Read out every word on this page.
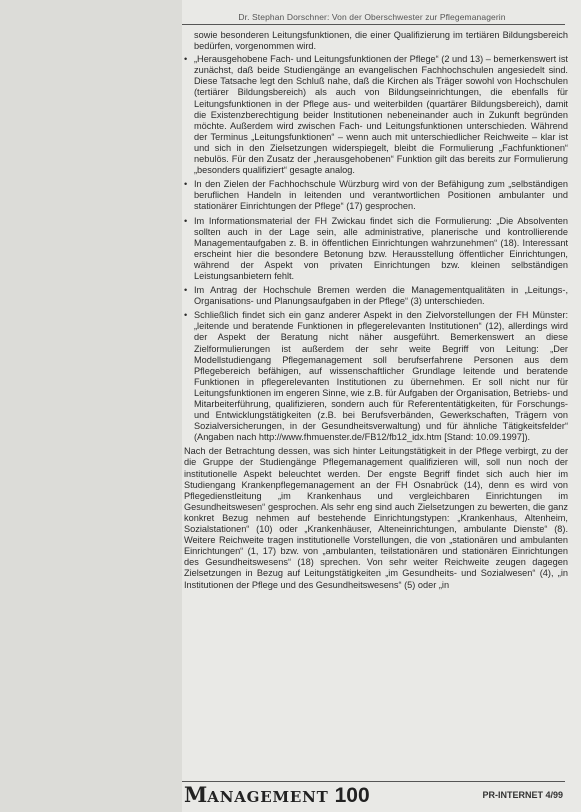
Dr. Stephan Dorschner: Von der Oberschwester zur Pflegemanagerin

sowie besonderen Leitungsfunktionen, die einer Qualifizierung im tertiären Bildungsbereich bedürfen, vorgenommen wird.

• „Herausgehobene Fach- und Leitungsfunktionen der Pflege“ (2 und 13) – bemerkenswert ist zunächst, daß beide Studiengänge an evangelischen Fachhochschulen angesiedelt sind. Diese Tatsache legt den Schluß nahe, daß die Kirchen als Träger sowohl von Hochschulen (tertiärer Bildungsbereich) als auch von Bildungseinrichtungen, die ebenfalls für Leitungsfunktionen in der Pflege aus- und weiterbilden (quartärer Bildungsbereich), damit die Existenzberechtigung beider Institutionen nebeneinander auch in Zukunft begründen möchte. Außerdem wird zwischen Fach- und Leitungsfunktionen unterschieden. Während der Terminus „Leitungsfunktionen“ – wenn auch mit unterschiedlicher Reichweite – klar ist und sich in den Zielsetzungen widerspiegelt, bleibt die Formulierung „Fachfunktionen“ nebulös. Für den Zusatz der „herausgehobenen“ Funktion gilt das bereits zur Formulierung „besonders qualifiziert“ gesagte analog.

• In den Zielen der Fachhochschule Würzburg wird von der Befähigung zum „selbständigen beruflichen Handeln in leitenden und verantwortlichen Positionen ambulanter und stationärer Einrichtungen der Pflege“ (17) gesprochen.

• Im Informationsmaterial der FH Zwickau findet sich die Formulierung: „Die Absolventen sollten auch in der Lage sein, alle administrative, planerische und kontrollierende Managementaufgaben z. B. in öffentlichen Einrichtungen wahrzunehmen“ (18). Interessant erscheint hier die besondere Betonung bzw. Herausstellung öffentlicher Einrichtungen, während der Aspekt von privaten Einrichtungen bzw. kleinen selbständigen Leistungsanbietern fehlt.

• Im Antrag der Hochschule Bremen werden die Managementqualitäten in „Leitungs-, Organisations- und Planungsaufgaben in der Pflege“ (3) unterschieden.

• Schließlich findet sich ein ganz anderer Aspekt in den Zielvorstellungen der FH Münster: „leitende und beratende Funktionen in pflegerelevanten Institutionen“ (12), allerdings wird der Aspekt der Beratung nicht näher ausgeführt. Bemerkenswert an diese Zielformulierungen ist außerdem der sehr weite Begriff von Leitung: „Der Modellstudiengang Pflegemanagement soll berufserfahrene Personen aus dem Pflegebereich befähigen, auf wissenschaftlicher Grundlage leitende und beratende Funktionen in pflegerelevanten Institutionen zu übernehmen. Er soll nicht nur für Leitungsfunktionen im engeren Sinne, wie z.B. für Aufgaben der Organisation, Betriebs- und Mitarbeiterführung, qualifizieren, sondern auch für Referententätigkeiten, für Forschungs- und Entwicklungstätigkeiten (z.B. bei Berufsverbänden, Gewerkschaften, Trägern von Sozialversicherungen, in der Gesundheitsverwaltung) und für ähnliche Tätigkeitsfelder“ (Angaben nach http://www.fhmuenster.de/FB12/fb12_idx.htm [Stand: 10.09.1997]).

Nach der Betrachtung dessen, was sich hinter Leitungstätigkeit in der Pflege verbirgt, zu der die Gruppe der Studiengänge Pflegemanagement qualifizieren will, soll nun noch der institutionelle Aspekt beleuchtet werden. Der engste Begriff findet sich auch hier im Studiengang Krankenpflegemanagement an der FH Osnabrück (14), denn es wird von Pflegedienstleitung „im Krankenhaus und vergleichbaren Einrichtungen im Gesundheitswesen“ gesprochen. Als sehr eng sind auch Zielsetzungen zu bewerten, die ganz konkret Bezug nehmen auf bestehende Einrichtungstypen: „Krankenhaus, Altenheim, Sozialstationen“ (10) oder „Krankenhäuser, Alteneinrichtungen, ambulante Dienste“ (8). Weitere Reichweite tragen institutionelle Vorstellungen, die von „stationären und ambulanten Einrichtungen“ (1, 17) bzw. von „ambulanten, teilstationären und stationären Einrichtungen des Gesundheitswesens“ (18) sprechen. Von sehr weiter Reichweite zeugen dagegen Zielsetzungen in Bezug auf Leitungstätigkeiten „im Gesundheits- und Sozialwesen“ (4), „in Institutionen der Pflege und des Gesundheitswesens“ (5) oder „in

MANAGEMENT 100	PR-INTERNET 4/99
